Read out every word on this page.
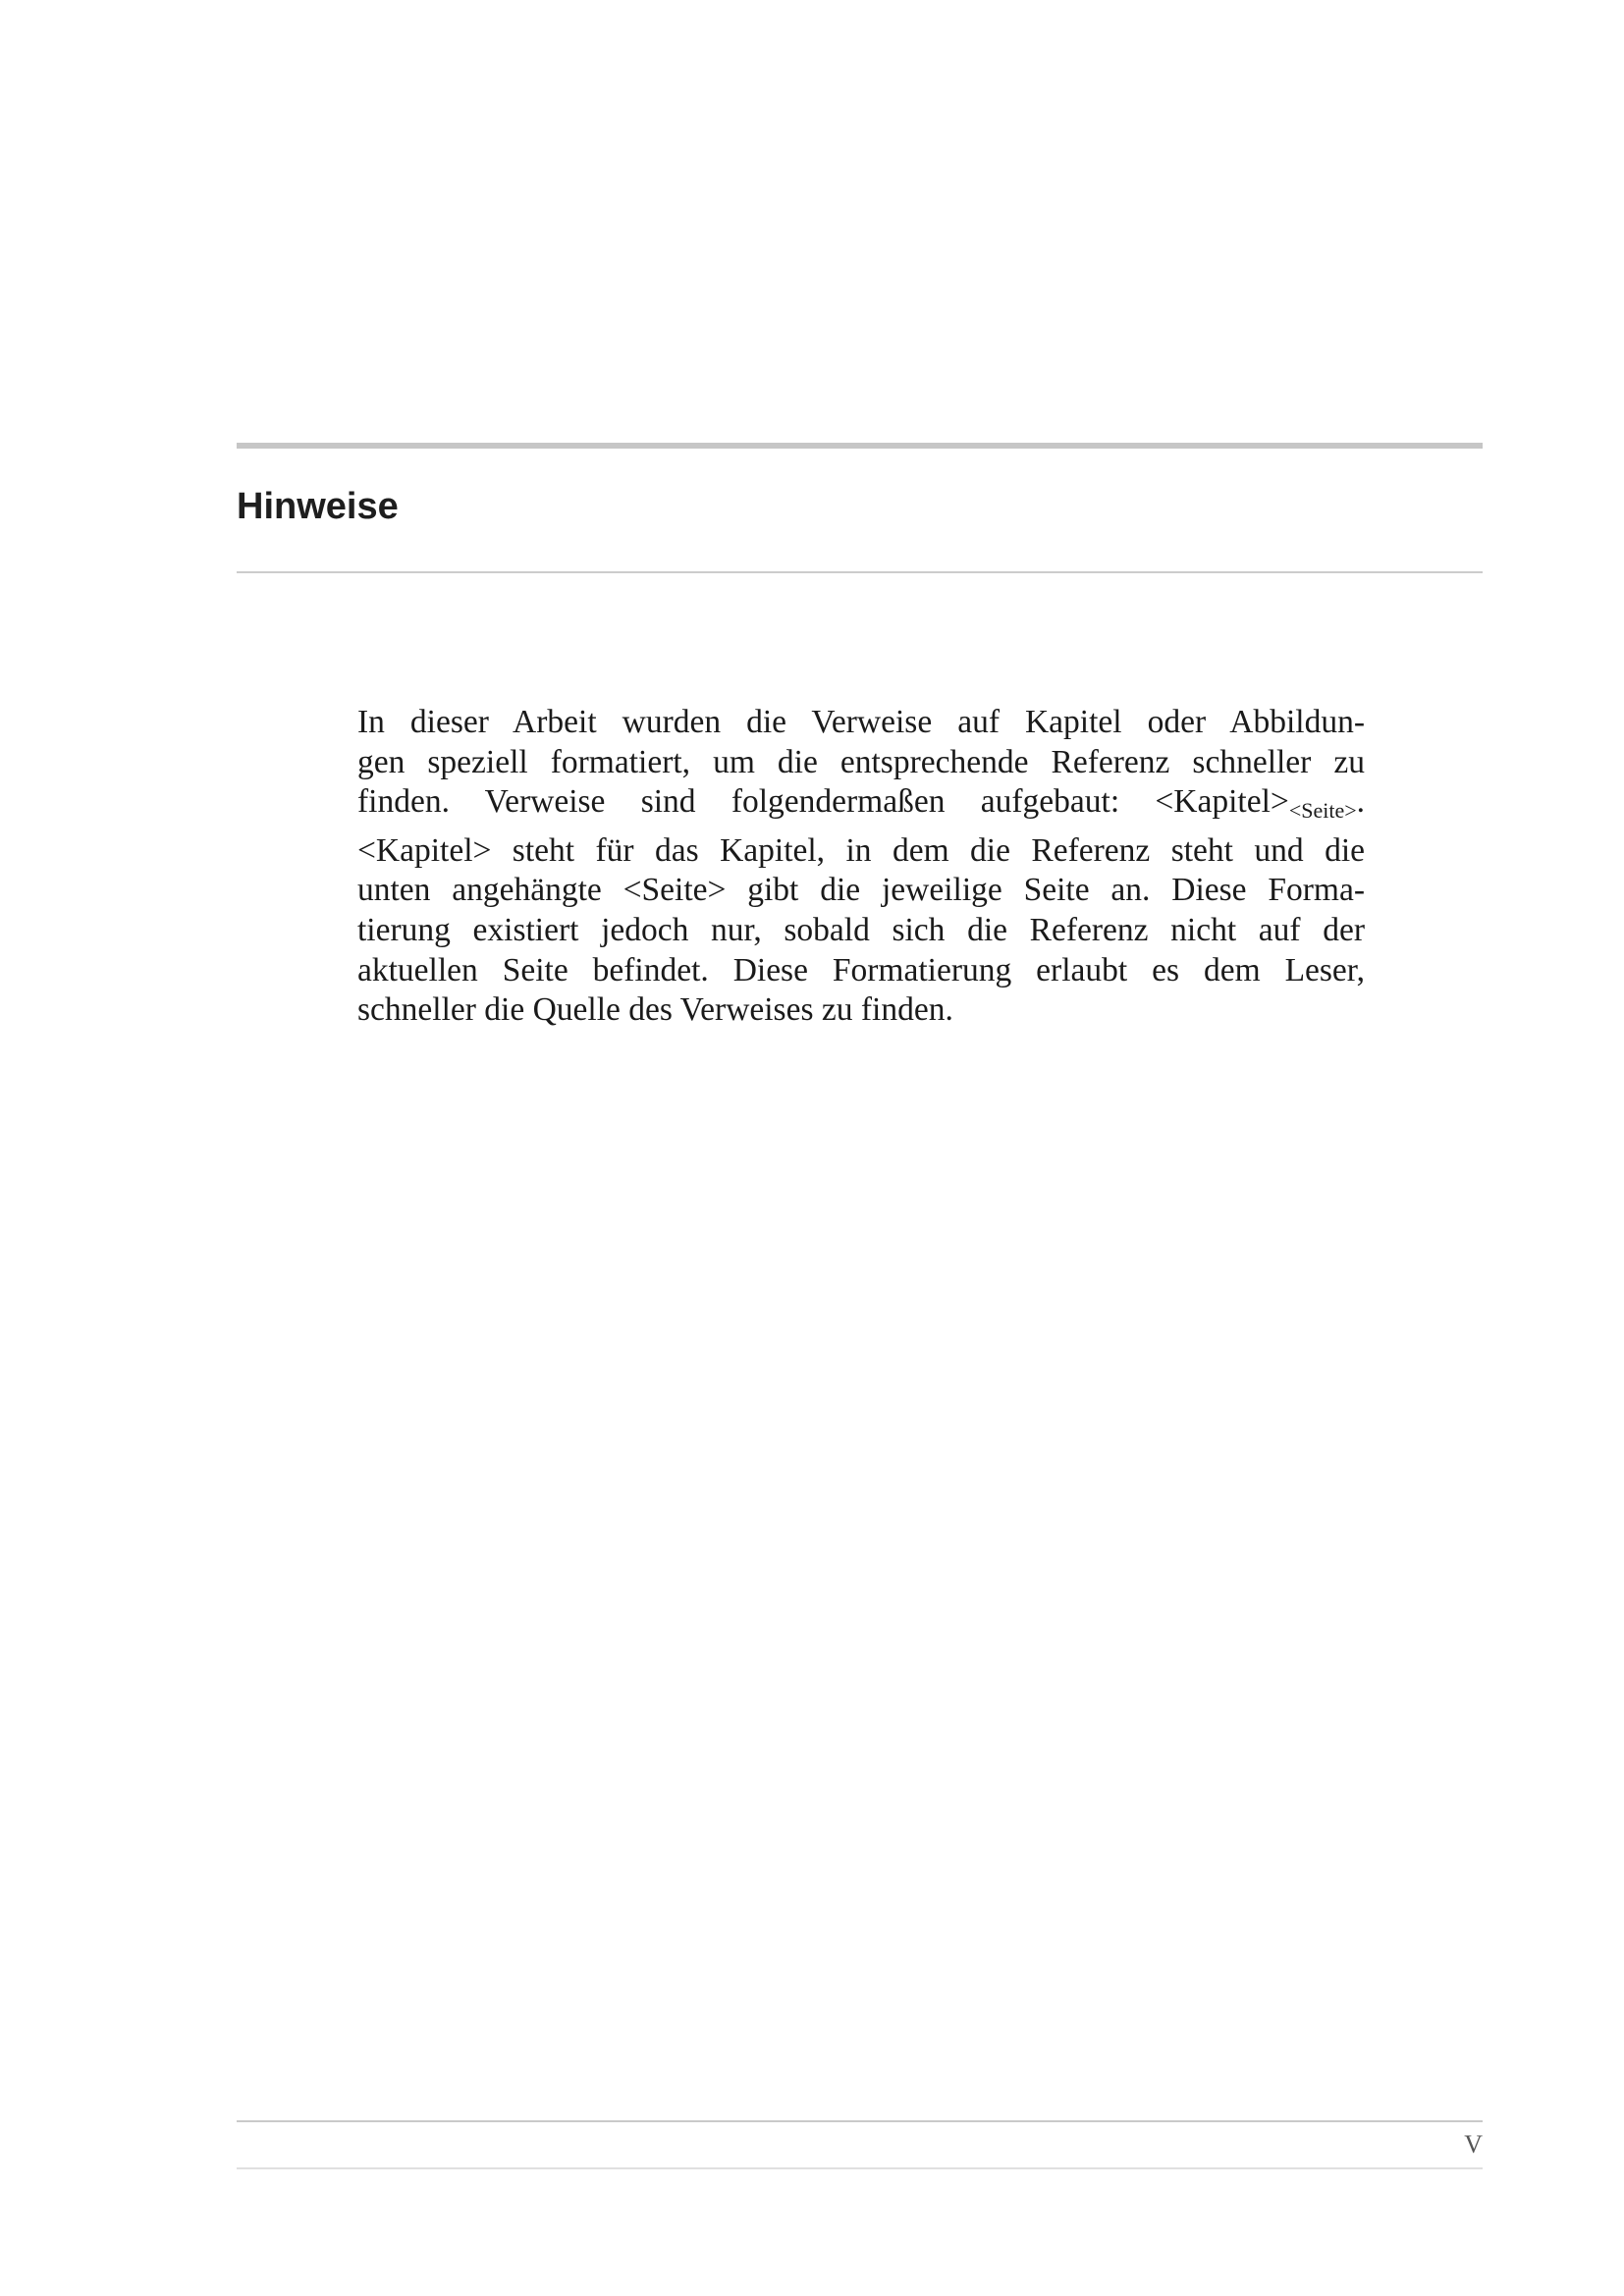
Hinweise
In dieser Arbeit wurden die Verweise auf Kapitel oder Abbildun-
gen speziell formatiert, um die entsprechende Referenz schneller zu
finden. Verweise sind folgendermaßen aufgebaut: $<Kapitel>_{<Seite>}$.
<Kapitel> steht für das Kapitel, in dem die Referenz steht und die
unten angehängte <Seite> gibt die jeweilige Seite an. Diese Forma-
tierung existiert jedoch nur, sobald sich die Referenz nicht auf der
aktuellen Seite befindet. Diese Formatierung erlaubt es dem Leser,
schneller die Quelle des Verweises zu finden.
V
